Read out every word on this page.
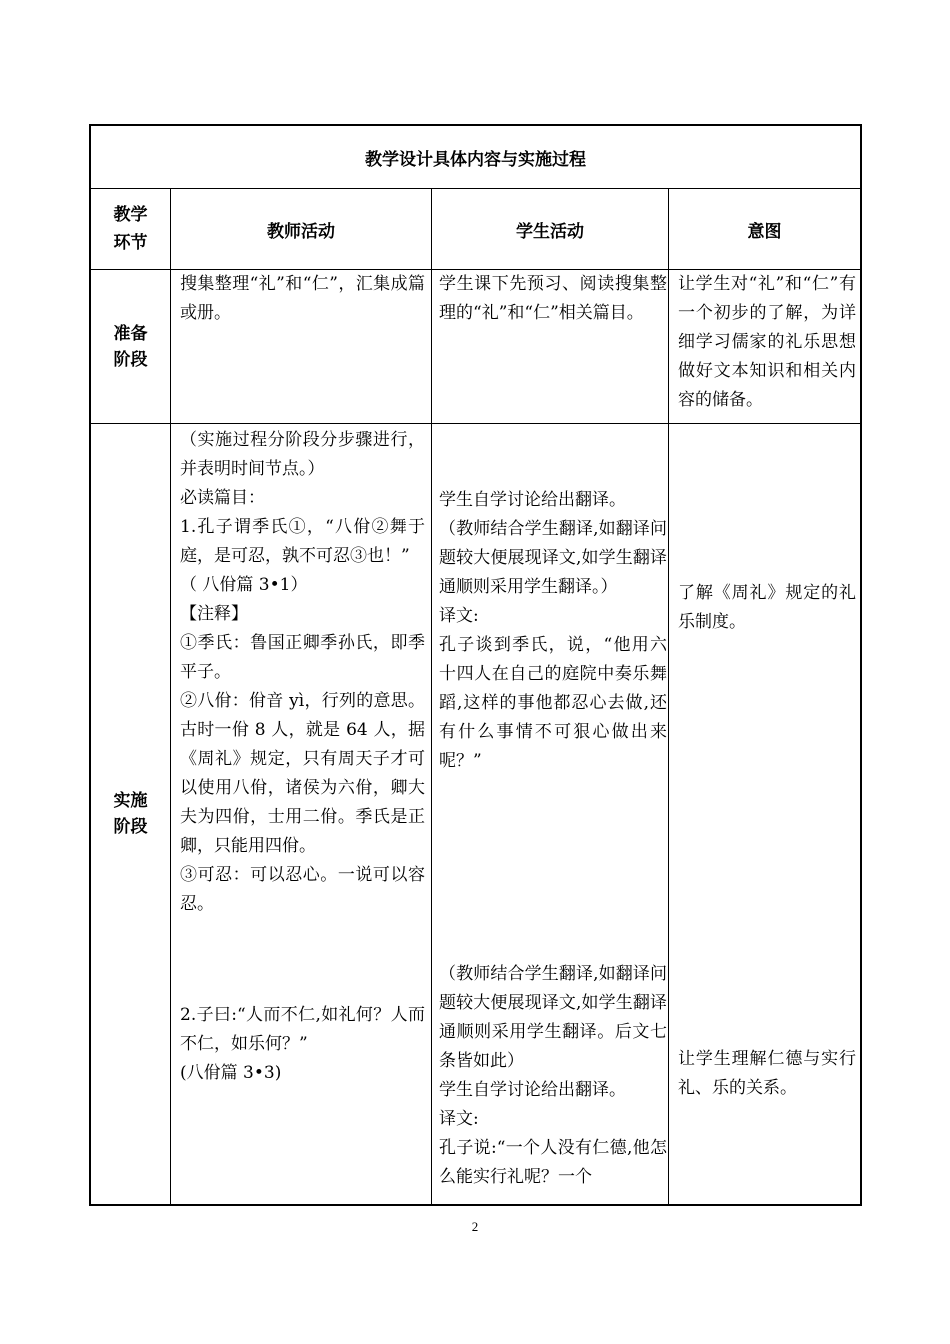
教学设计具体内容与实施过程
教学
环节
教师活动	学生活动	意图
准备
阶段
搜集整理“礼”和“仁”，汇集成篇或册。
学生课下先预习、阅读搜集整理的“礼”和“仁”相关篇目。
让学生对“礼”和“仁”有一个初步的了解，为详细学习儒家的礼乐思想做好文本知识和相关内容的储备。
实施
阶段

（实施过程分阶段分步骤进行，并表明时间节点。）

必读篇目：

1.孔子谓季氏①，“八佾②舞于庭，是可忍，孰不可忍③也！”

（ 八佾篇 3•1）

【注释】

①季氏：鲁国正卿季孙氏，即季平子。

②八佾：佾音 yì，行列的意思。古时一佾 8 人，就是 64 人，据《周礼》规定，只有周天子才可以使用八佾，诸侯为六佾，卿大夫为四佾，士用二佾。季氏是正卿，只能用四佾。

③可忍：可以忍心。一说可以容忍。

2.子曰:“人而不仁,如礼何？人而不仁，如乐何？”

(八佾篇 3•3)

学生自学讨论给出翻译。

（教师结合学生翻译,如翻译问题较大便展现译文,如学生翻译通顺则采用学生翻译。）

译文:

孔子谈到季氏，说，“他用六十四人在自己的庭院中奏乐舞蹈,这样的事他都忍心去做,还有什么事情不可狠心做出来呢？”

（教师结合学生翻译,如翻译问题较大便展现译文,如学生翻译通顺则采用学生翻译。后文七条皆如此）

学生自学讨论给出翻译。

译文:

孔子说:“一个人没有仁德,他怎么能实行礼呢？一个

了解《周礼》规定的礼乐制度。
让学生理解仁德与实行礼、乐的关系。
2
